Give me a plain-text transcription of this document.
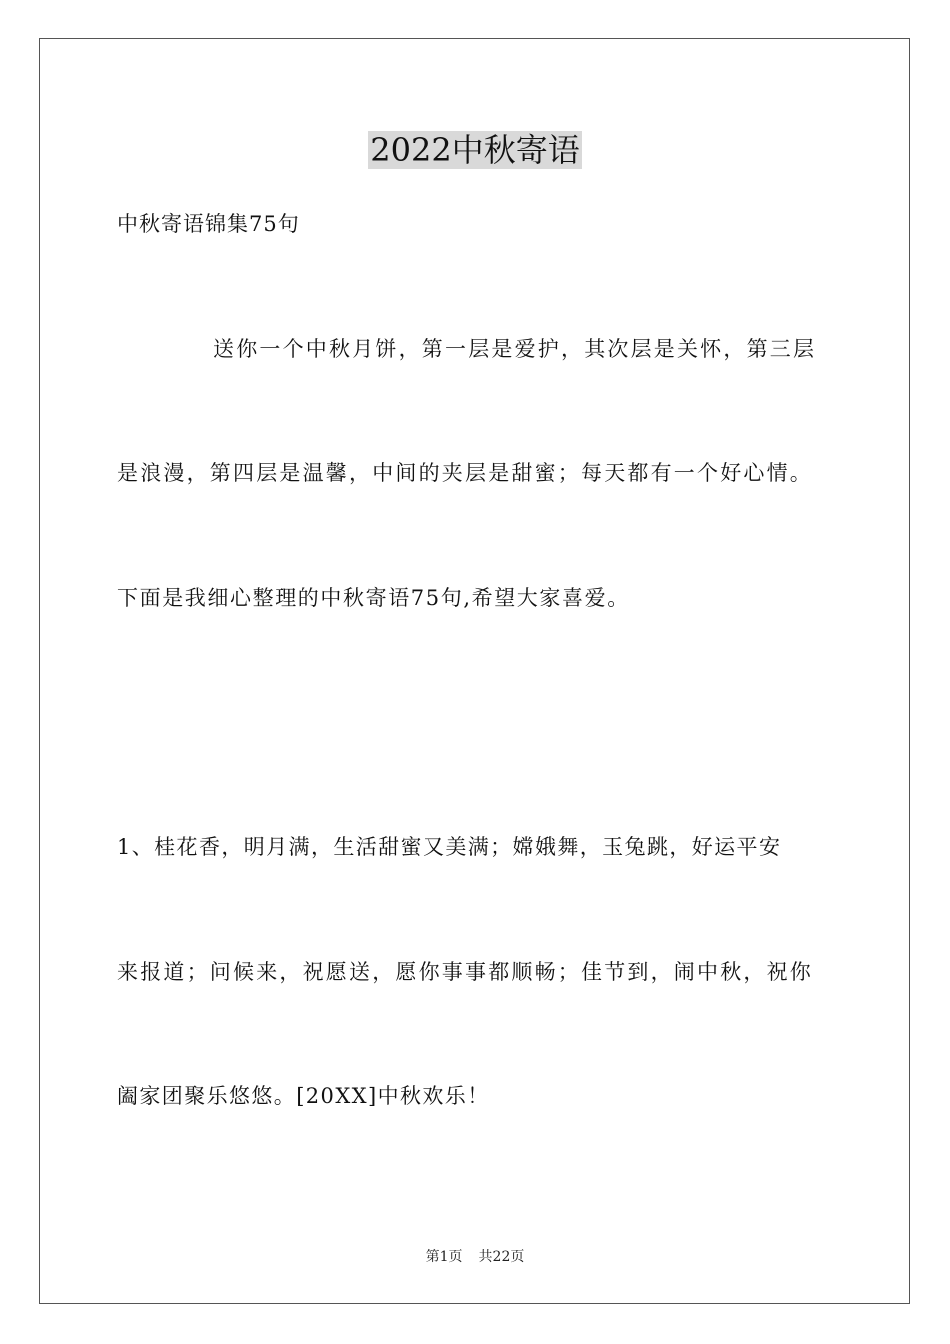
2022中秋寄语
中秋寄语锦集75句
送你一个中秋月饼，第一层是爱护，其次层是关怀，第三层
是浪漫，第四层是温馨，中间的夹层是甜蜜；每天都有一个好心情。
下面是我细心整理的中秋寄语75句,希望大家喜爱。
1、桂花香，明月满，生活甜蜜又美满；嫦娥舞，玉兔跳，好运平安
来报道；问候来，祝愿送，愿你事事都顺畅；佳节到，闹中秋，祝你
阖家团聚乐悠悠。[20XX]中秋欢乐！
第1页 共22页
